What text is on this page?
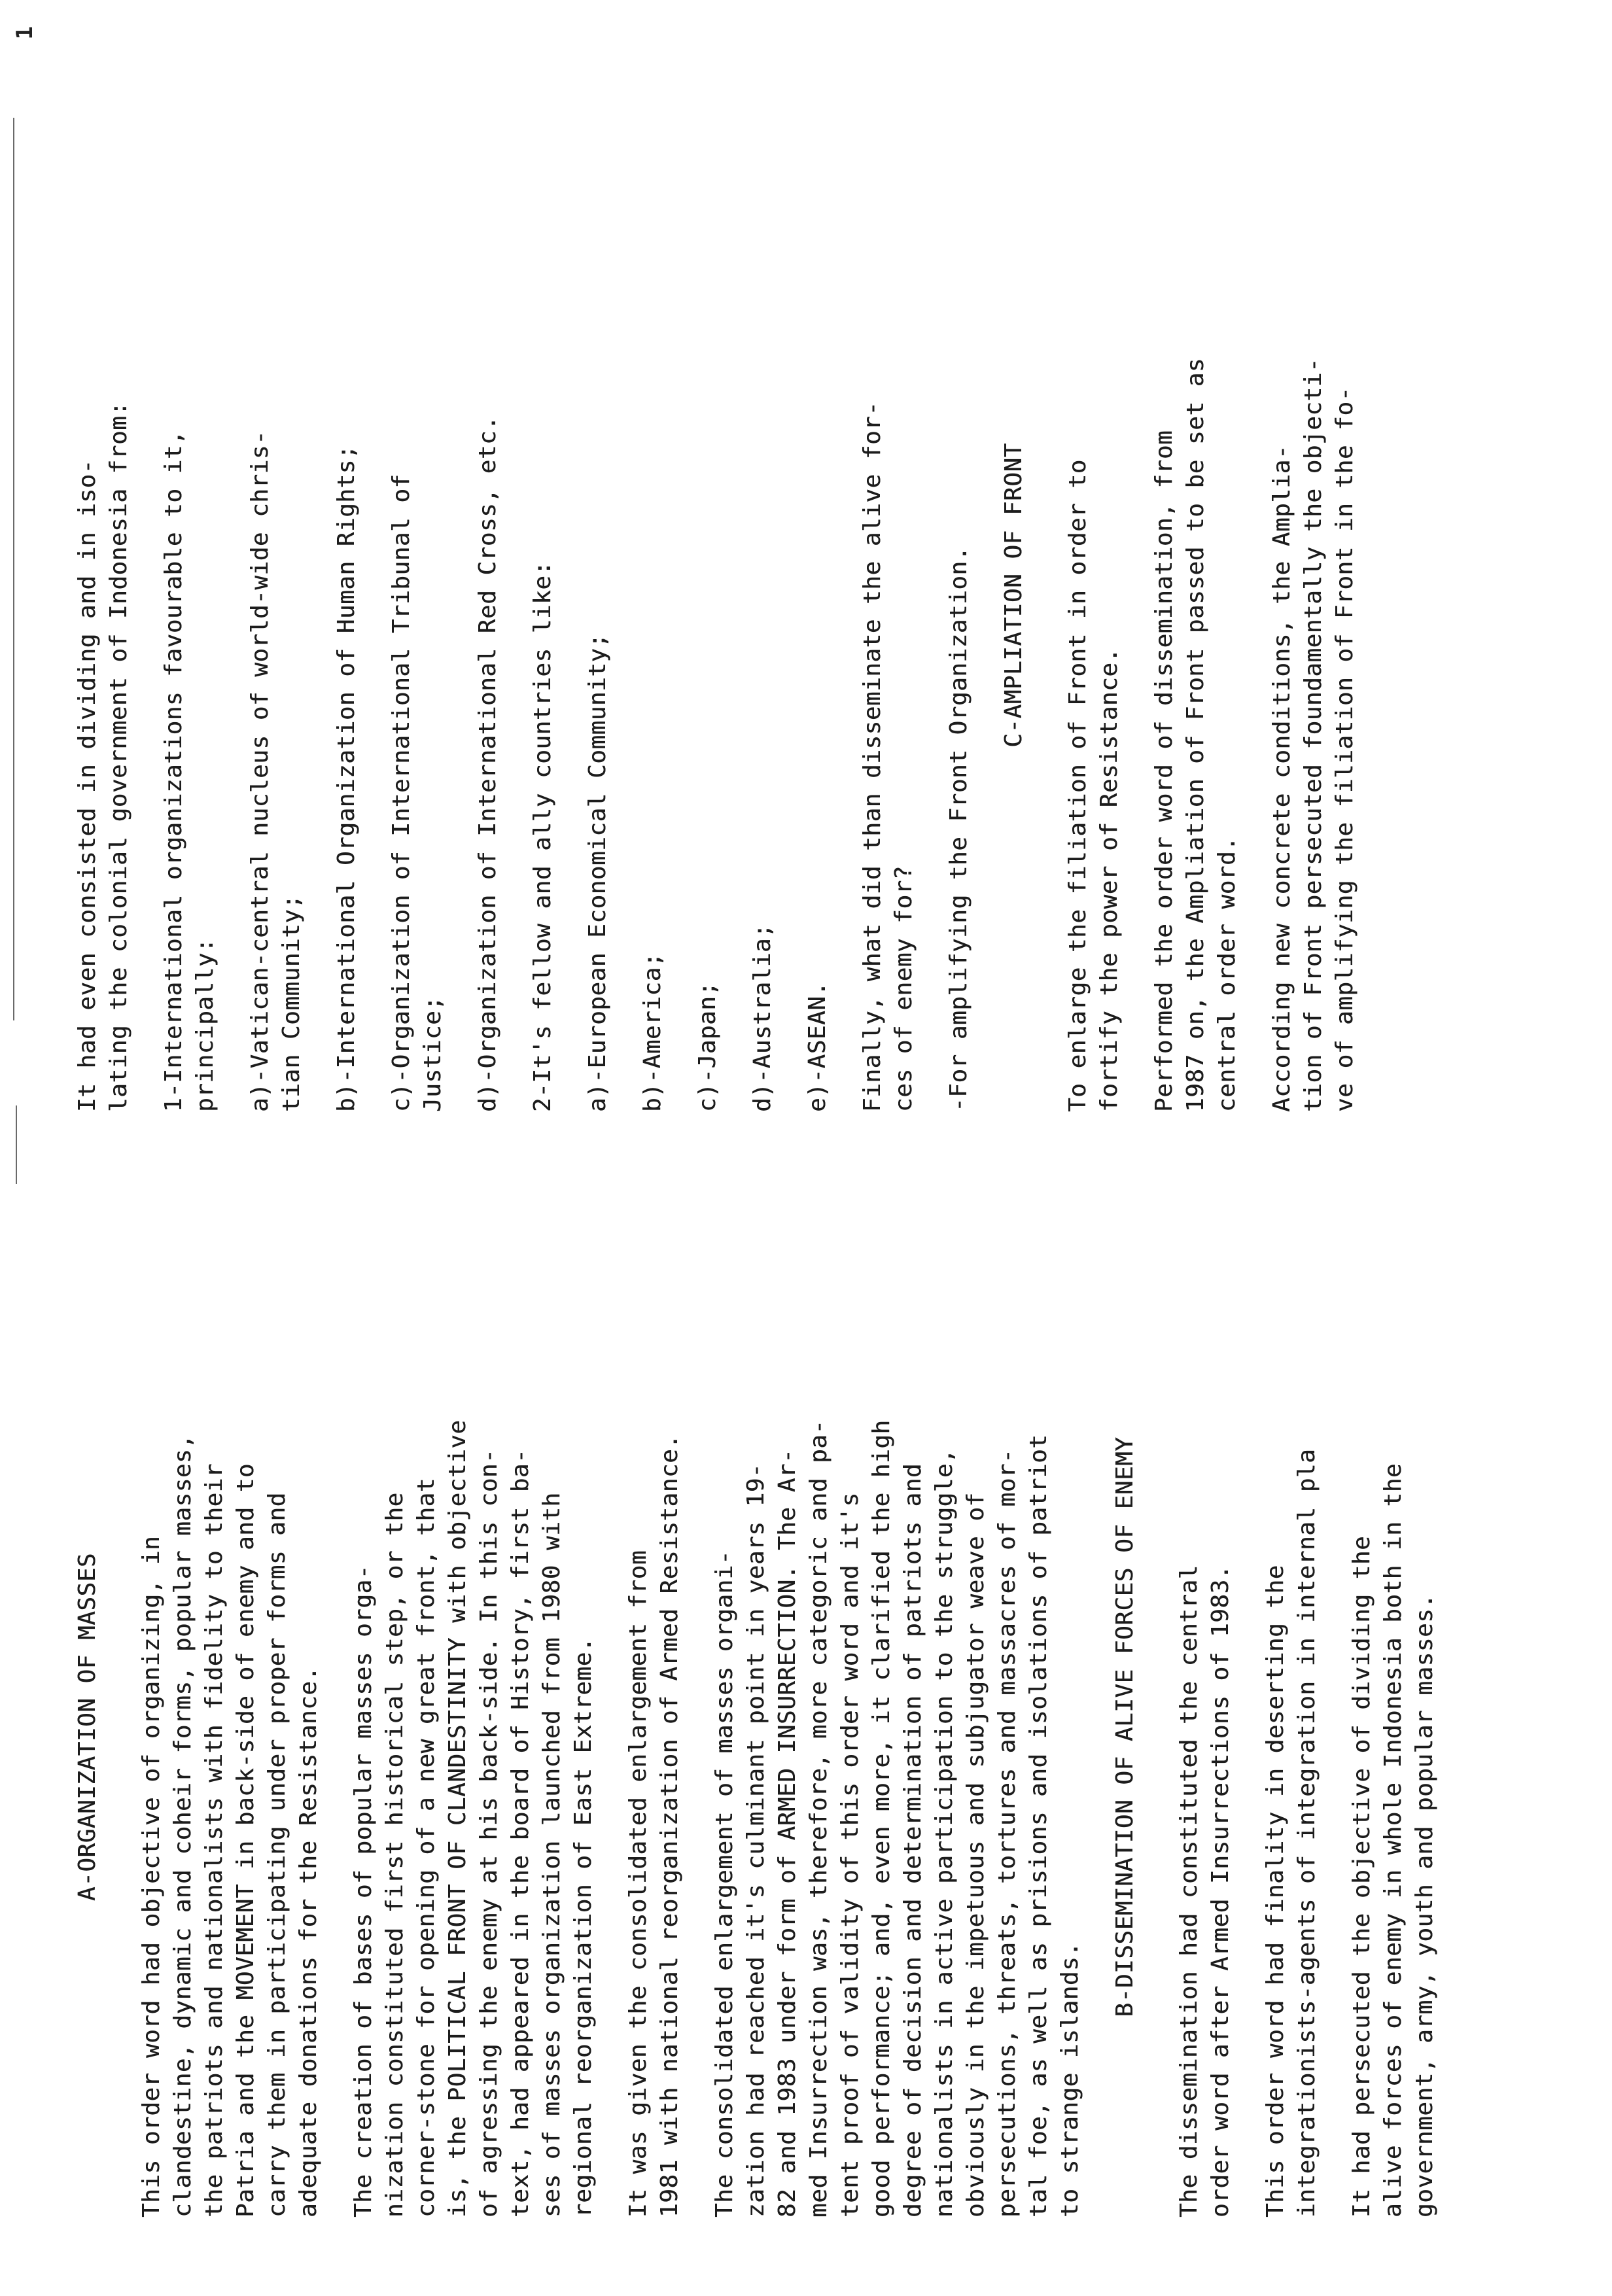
1
A-ORGANIZATION OF MASSES
This order word had objective of organizing, in
clandestine, dynamic and coheir forms, popular masses,
the patriots and nationalists with fidelity to their
Patria and the MOVEMENT in back-side of enemy and to
carry them in participating under proper forms and
adequate donations for the Resistance.
The creation of bases of popular masses orga-
nization constituted first historical step, or the
corner-stone for opening of a new great front, that
is, the POLITICAL FRONT OF CLANDESTINITY with objective
of agressing the enemy at his back-side. In this con-
text, had appeared in the board of History, first ba-
ses of masses organization launched from 1980 with
regional reorganization of East Extreme.
It was given the consolidated enlargement from
1981 with national reorganization of Armed Resistance.
The consolidated enlargement of masses organi-
zation had reached it's culminant point in years 19-
82 and 1983 under form of ARMED INSURRECTION. The Ar-
med Insurrection was, therefore, more categoric and pa-
tent proof of validity of this order word and it's
good performance; and, even more, it clarified the high
degree of decision and determination of patriots and
nationalists in active participation to the struggle,
obviously in the impetuous and subjugator weave of
persecutions, threats, tortures and massacres of mor-
tal foe, as well as prisions and isolations of patriot
to strange islands. B-DISSEMINATION OF ALIVE FORCES OF ENEMY
The dissemination had constituted the central
order word after Armed Insurrections of 1983.
This order word had finality in deserting the
integrationists-agents of integration in internal pla
It had persecuted the objective of dividing the
alive forces of enemy in whole Indonesia both in the
government, army, youth and popular masses.
It had even consisted in dividing and in iso-
lating the colonial government of Indonesia from:
1-International organizations favourable to it,
principally: a)-Vatican-central nucleus of world-wide chris-
tian Community; b)-International Organization of Human Rights; c)-Organization of International Tribunal of
Justice; d)-Organization of International Red Cross, etc. 2-It's fellow and ally countries like: a)-European Economical Community; b)-America; c)-Japan; d)-Australia; e)-ASEAN. Finally, what did than disseminate the alive for-
ces of enemy for? -For amplifying the Front Organization. C-AMPLIATION OF FRONT
To enlarge the filiation of Front in order to
fortify the power of Resistance.
Performed the order word of dissemination, from
1987 on, the Ampliation of Front passed to be set as
central order word.
According new concrete conditions, the Amplia-
tion of Front persecuted foundamentally the objecti-
ve of amplifying the filiation of Front in the fo-
